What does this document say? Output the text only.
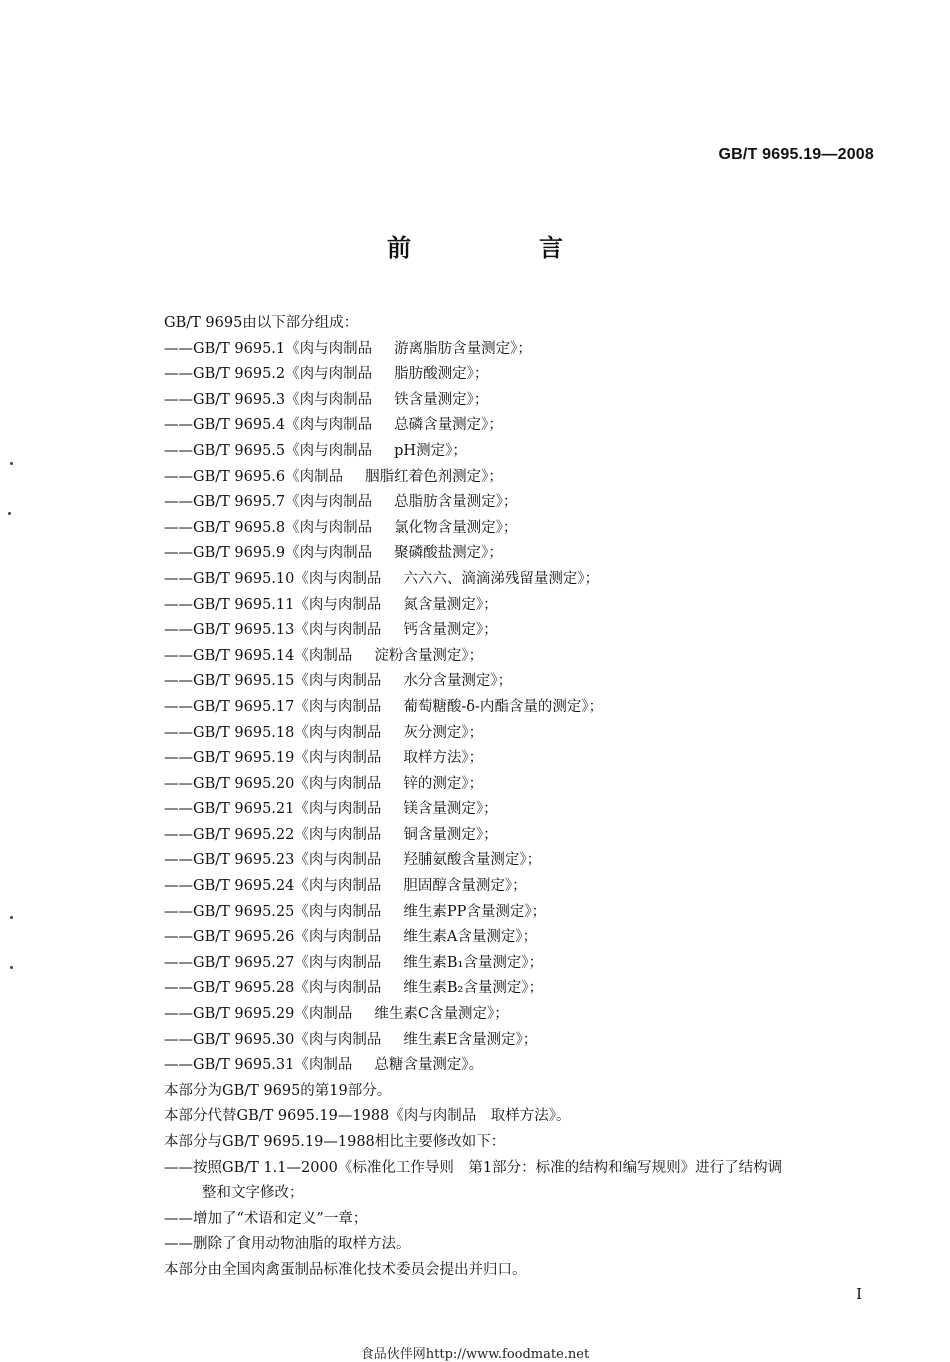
GB/T 9695.19—2008
前　言
GB/T 9695由以下部分组成：
——GB/T 9695.1《肉与肉制品 游离脂肪含量测定》；
——GB/T 9695.2《肉与肉制品 脂肪酸测定》；
——GB/T 9695.3《肉与肉制品 铁含量测定》；
——GB/T 9695.4《肉与肉制品 总磷含量测定》；
——GB/T 9695.5《肉与肉制品 pH测定》；
——GB/T 9695.6《肉制品 胭脂红着色剂测定》；
——GB/T 9695.7《肉与肉制品 总脂肪含量测定》；
——GB/T 9695.8《肉与肉制品 氯化物含量测定》；
——GB/T 9695.9《肉与肉制品 聚磷酸盐测定》；
——GB/T 9695.10《肉与肉制品 六六六、滴滴涕残留量测定》；
——GB/T 9695.11《肉与肉制品 氮含量测定》；
——GB/T 9695.13《肉与肉制品 钙含量测定》；
——GB/T 9695.14《肉制品 淀粉含量测定》；
——GB/T 9695.15《肉与肉制品 水分含量测定》；
——GB/T 9695.17《肉与肉制品 葡萄糖酸-δ-内酯含量的测定》；
——GB/T 9695.18《肉与肉制品 灰分测定》；
——GB/T 9695.19《肉与肉制品 取样方法》；
——GB/T 9695.20《肉与肉制品 锌的测定》；
——GB/T 9695.21《肉与肉制品 镁含量测定》；
——GB/T 9695.22《肉与肉制品 铜含量测定》；
——GB/T 9695.23《肉与肉制品 羟脯氨酸含量测定》；
——GB/T 9695.24《肉与肉制品 胆固醇含量测定》；
——GB/T 9695.25《肉与肉制品 维生素PP含量测定》；
——GB/T 9695.26《肉与肉制品 维生素A含量测定》；
——GB/T 9695.27《肉与肉制品 维生素B₁含量测定》；
——GB/T 9695.28《肉与肉制品 维生素B₂含量测定》；
——GB/T 9695.29《肉制品 维生素C含量测定》；
——GB/T 9695.30《肉与肉制品 维生素E含量测定》；
——GB/T 9695.31《肉制品 总糖含量测定》。
本部分为GB/T 9695的第19部分。
本部分代替GB/T 9695.19—1988《肉与肉制品　取样方法》。
本部分与GB/T 9695.19—1988相比主要修改如下：
——按照GB/T 1.1—2000《标准化工作导则　第1部分：标准的结构和编写规则》进行了结构调
整和文字修改；
——增加了“术语和定义”一章；
——删除了食用动物油脂的取样方法。
本部分由全国肉禽蛋制品标准化技术委员会提出并归口。
I
食品伙伴网http://www.foodmate.net
